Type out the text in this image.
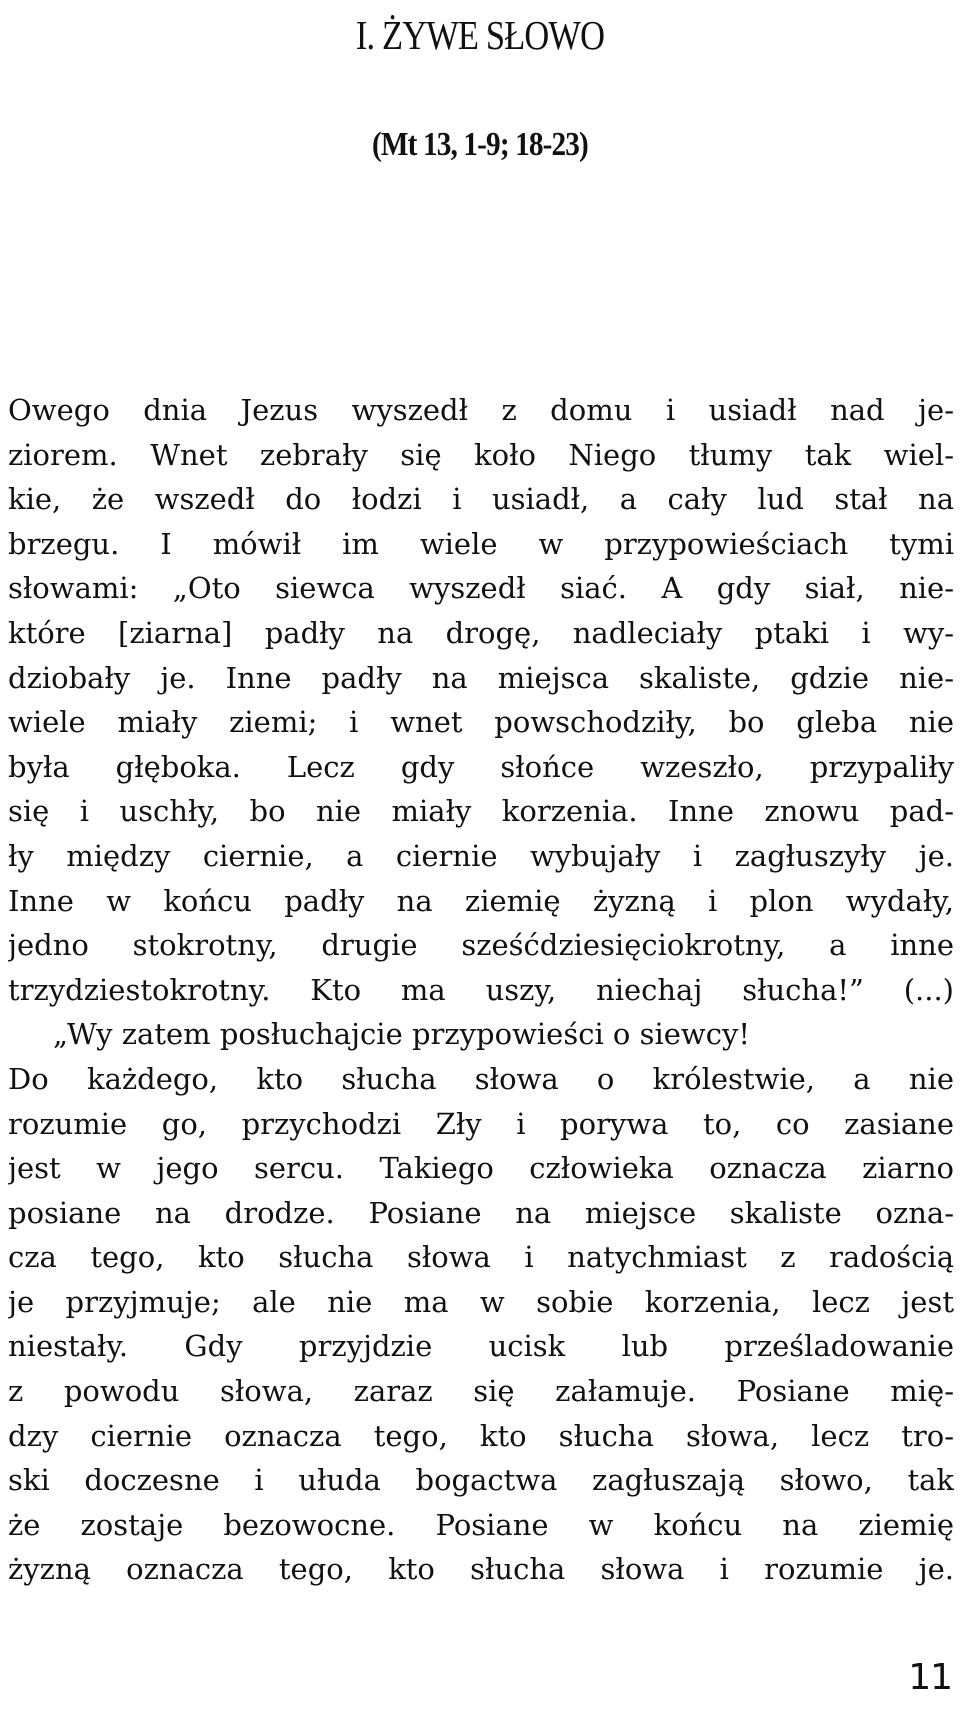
I. ŻYWE SŁOWO
(Mt 13, 1-9; 18-23)
Owego dnia Jezus wyszedł z domu i usiadł nad je-
ziorem. Wnet zebrały się koło Niego tłumy tak wiel-
kie, że wszedł do łodzi i usiadł, a cały lud stał na
brzegu. I mówił im wiele w przypowieściach tymi
słowami: „Oto siewca wyszedł siać. A gdy siał, nie-
które [ziarna] padły na drogę, nadleciały ptaki i wy-
dziobały je. Inne padły na miejsca skaliste, gdzie nie-
wiele miały ziemi; i wnet powschodziły, bo gleba nie
była głęboka. Lecz gdy słońce wzeszło, przypaliły
się i uschły, bo nie miały korzenia. Inne znowu pad-
ły między ciernie, a ciernie wybujały i zagłuszyły je.
Inne w końcu padły na ziemię żyzną i plon wydały,
jedno stokrotny, drugie sześćdziesięciokrotny, a inne
trzydziestokrotny. Kto ma uszy, niechaj słucha!” (...)
„Wy zatem posłuchajcie przypowieści o siewcy!
Do każdego, kto słucha słowa o królestwie, a nie
rozumie go, przychodzi Zły i porywa to, co zasiane
jest w jego sercu. Takiego człowieka oznacza ziarno
posiane na drodze. Posiane na miejsce skaliste ozna-
cza tego, kto słucha słowa i natychmiast z radością
je przyjmuje; ale nie ma w sobie korzenia, lecz jest
niestały. Gdy przyjdzie ucisk lub prześladowanie
z powodu słowa, zaraz się załamuje. Posiane mię-
dzy ciernie oznacza tego, kto słucha słowa, lecz tro-
ski doczesne i ułuda bogactwa zagłuszają słowo, tak
że zostaje bezowocne. Posiane w końcu na ziemię
żyzną oznacza tego, kto słucha słowa i rozumie je.
11
